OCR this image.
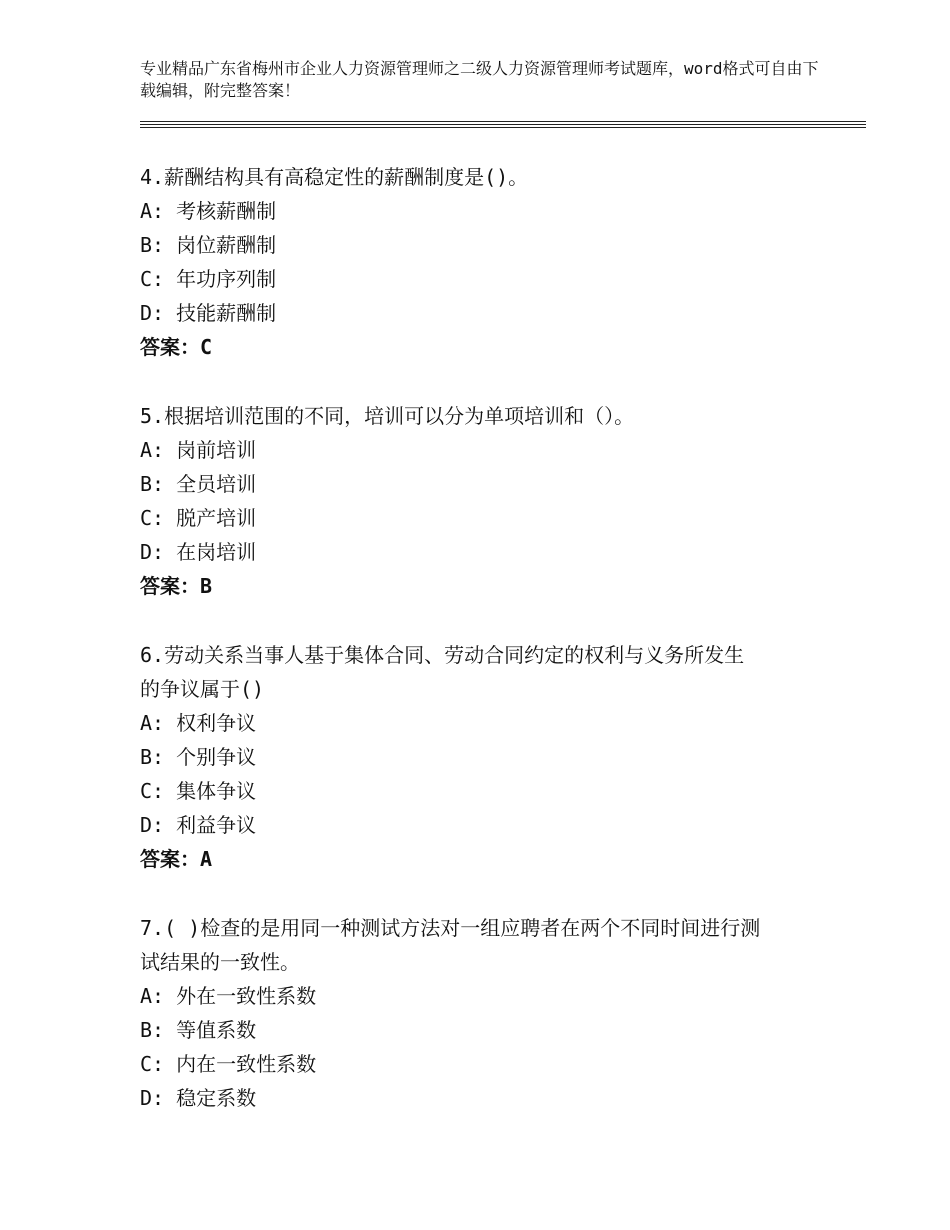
专业精品广东省梅州市企业人力资源管理师之二级人力资源管理师考试题库，word格式可自由下载编辑，附完整答案！
4.薪酬结构具有高稳定性的薪酬制度是()。
A: 考核薪酬制
B: 岗位薪酬制
C: 年功序列制
D: 技能薪酬制
答案：C
5.根据培训范围的不同，培训可以分为单项培训和（）。
A: 岗前培训
B: 全员培训
C: 脱产培训
D: 在岗培训
答案：B
6.劳动关系当事人基于集体合同、劳动合同约定的权利与义务所发生
的争议属于()
A: 权利争议
B: 个别争议
C: 集体争议
D: 利益争议
答案：A
7.( )检查的是用同一种测试方法对一组应聘者在两个不同时间进行测
试结果的一致性。
A: 外在一致性系数
B: 等值系数
C: 内在一致性系数
D: 稳定系数
